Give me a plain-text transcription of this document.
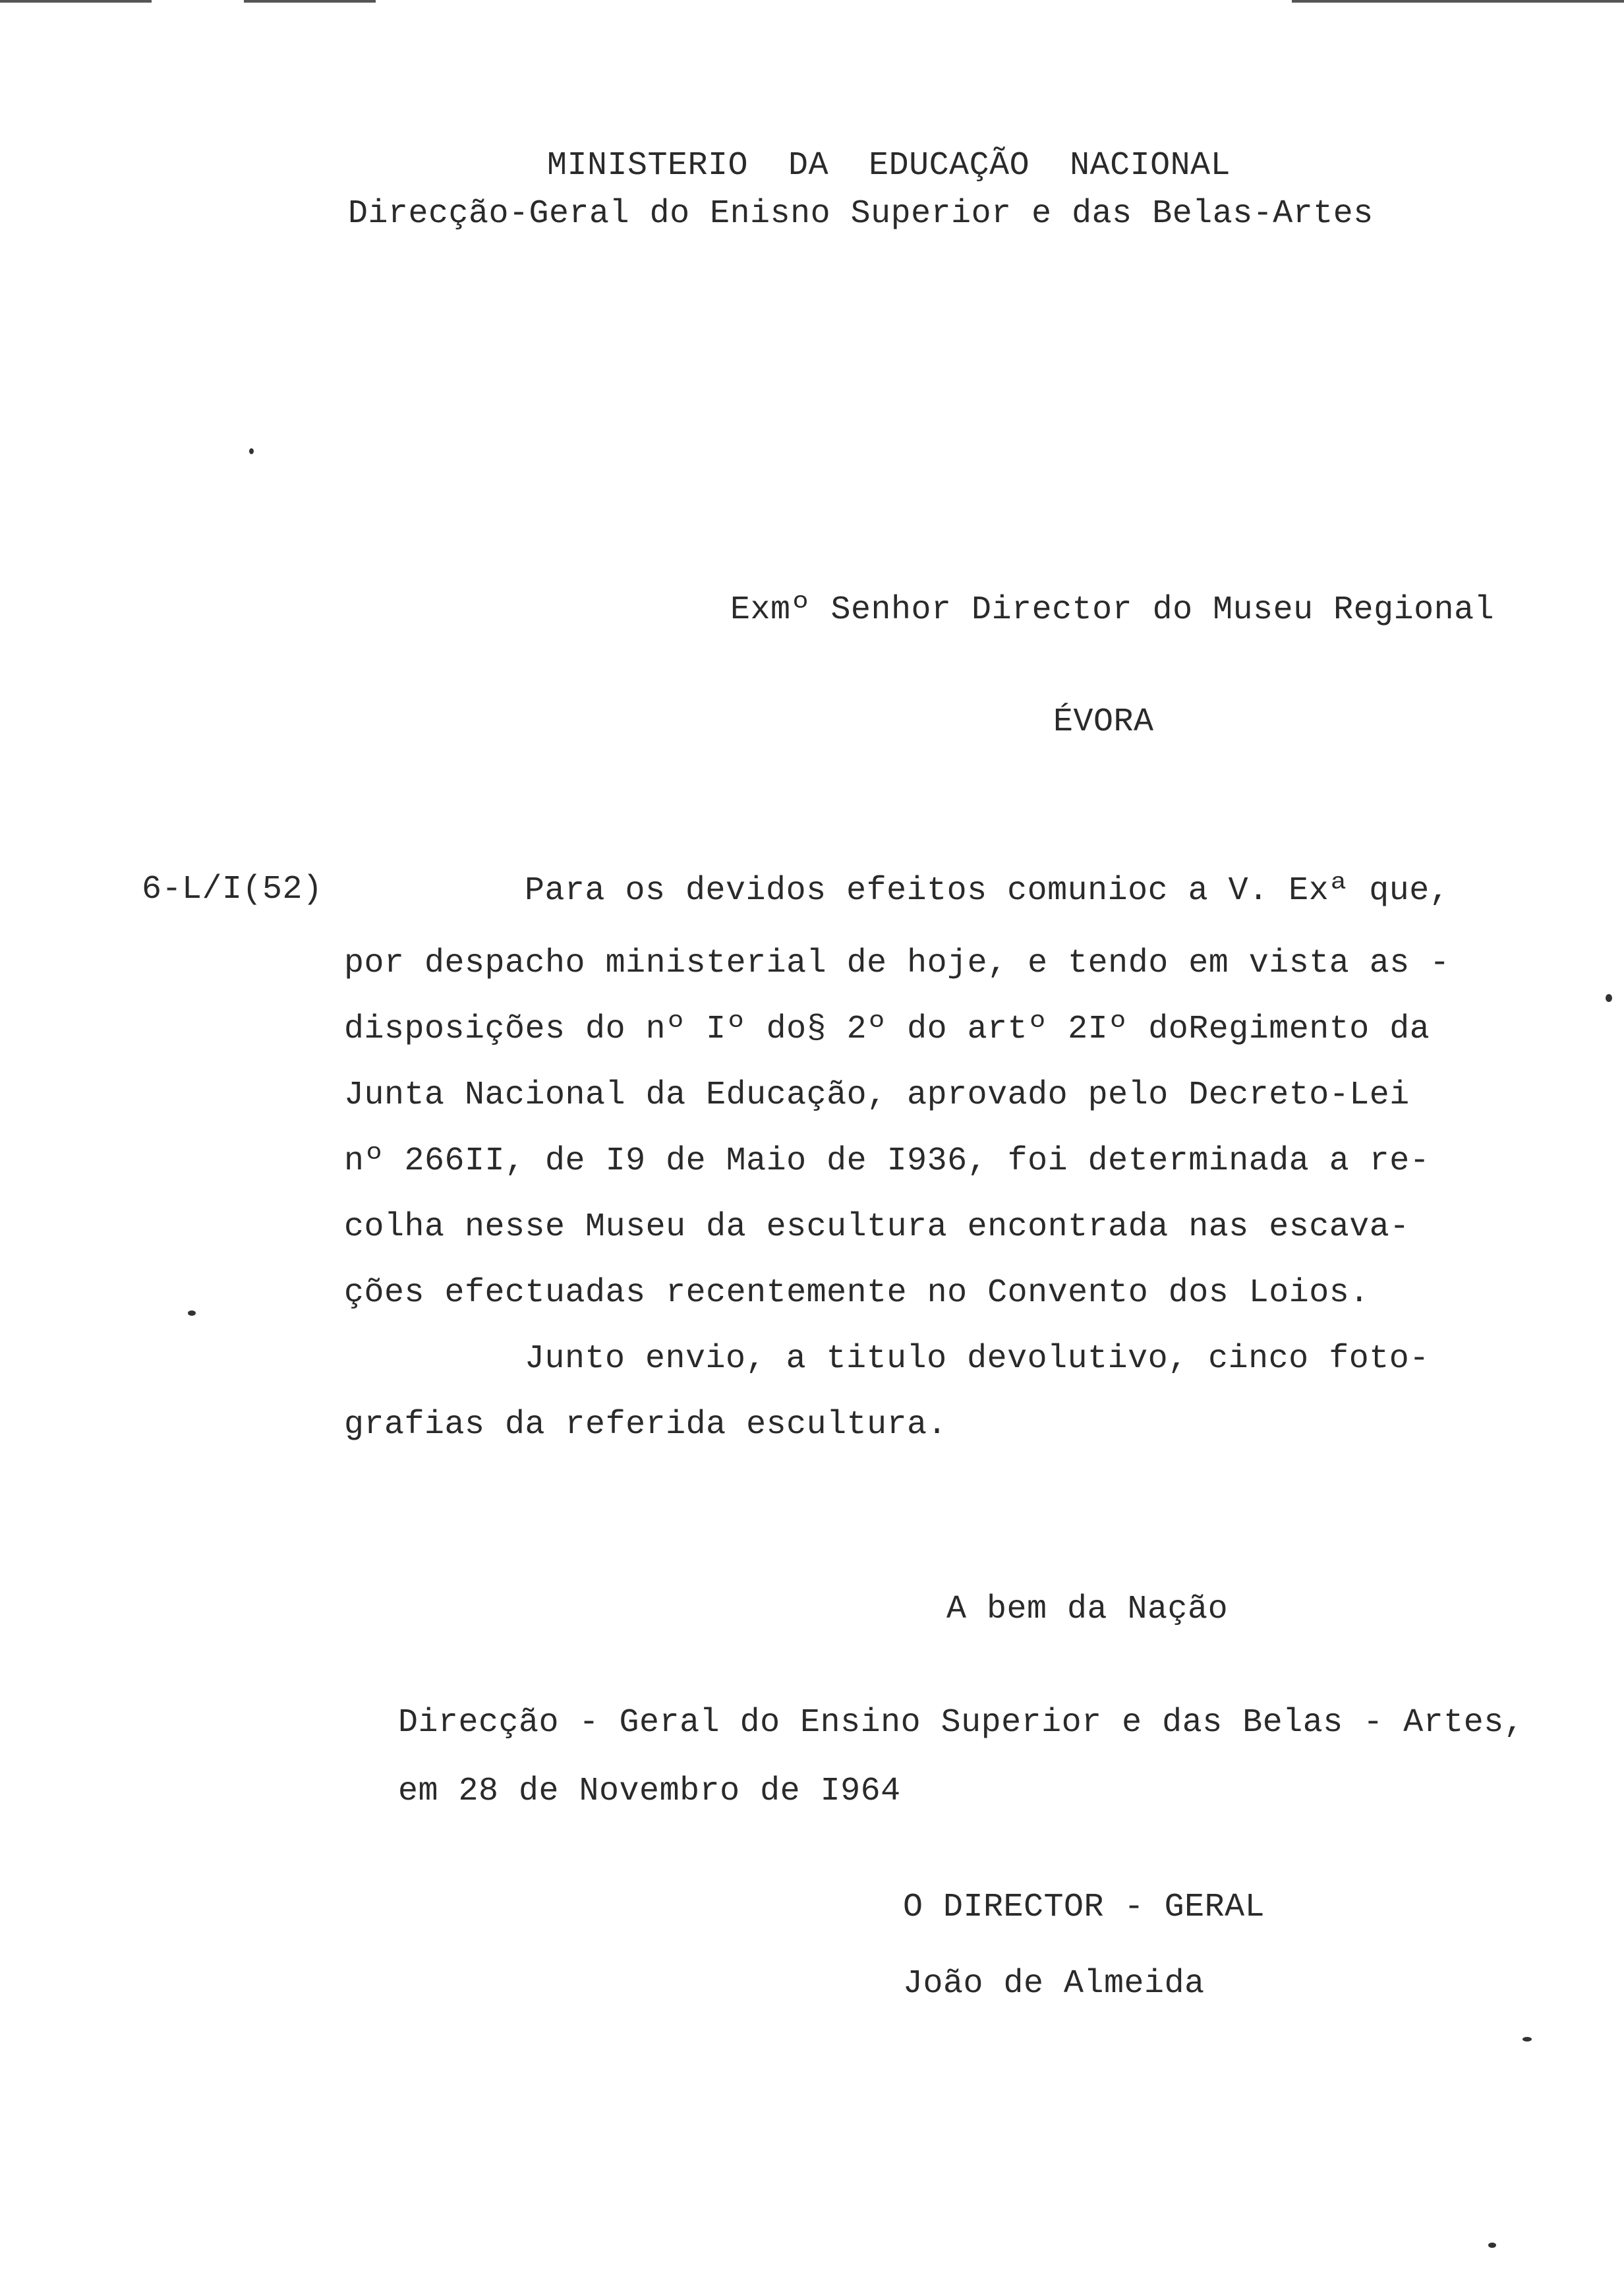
MINISTERIO  DA  EDUCAÇÃO  NACIONAL

Direcção-Geral do Enisno Superior e das Belas-Artes

Exmº Senhor Director do Museu Regional

ÉVORA

6-L/I(52)	Para os devidos efeitos comunioc a V. Exª que,

por despacho ministerial de hoje, e tendo em vista as -

disposições do nº Iº do§ 2º do artº 2Iº doRegimento da

Junta Nacional da Educação, aprovado pelo Decreto-Lei

nº 266II, de I9 de Maio de I936, foi determinada a re-

colha nesse Museu da escultura encontrada nas escava-

ções efectuadas recentemente no Convento dos Loios.

Junto envio, a titulo devolutivo, cinco foto-

grafias da referida escultura.

A bem da Nação

Direcção - Geral do Ensino Superior e das Belas - Artes,

em 28 de Novembro de I964

O DIRECTOR - GERAL

João de Almeida
